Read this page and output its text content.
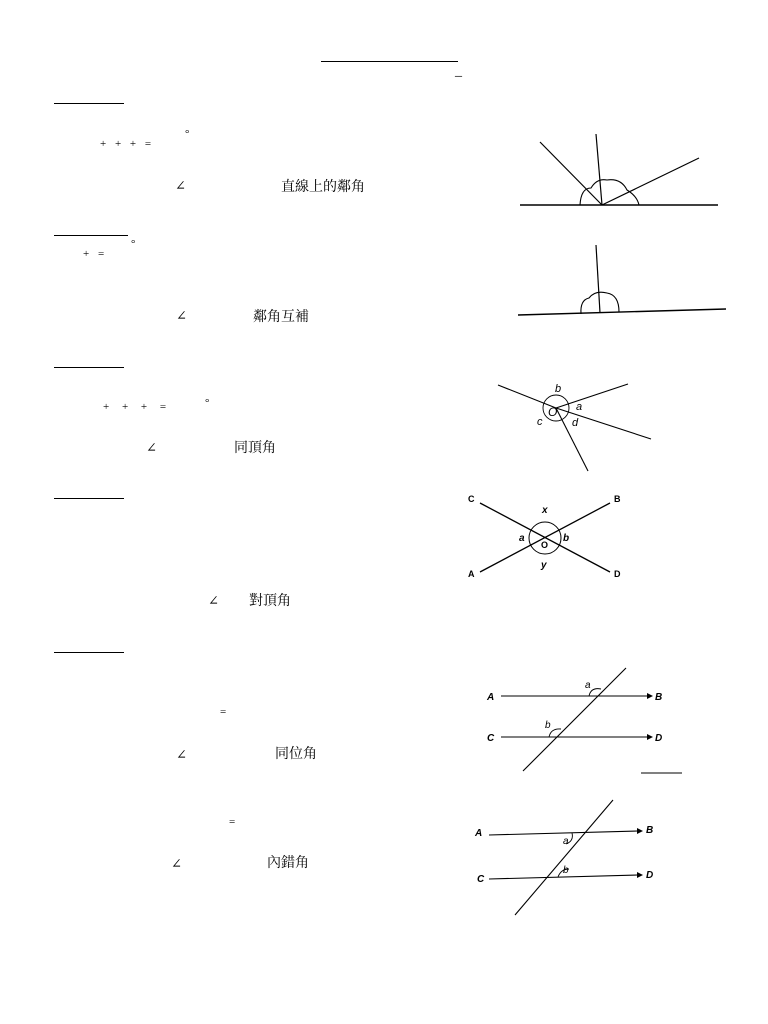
_
+ + + =
°
∠	直線上的鄰角
°
+ =
∠	鄰角互補
+ + + =	°
∠	同頂角
b
a
O
c	d
∠ 對頂角
C	B
x
a
O
b
A	D
y
=
∠	同位角
A	B
C	D
a
b
=
∠	內錯角
A	B
C	D
a
b
